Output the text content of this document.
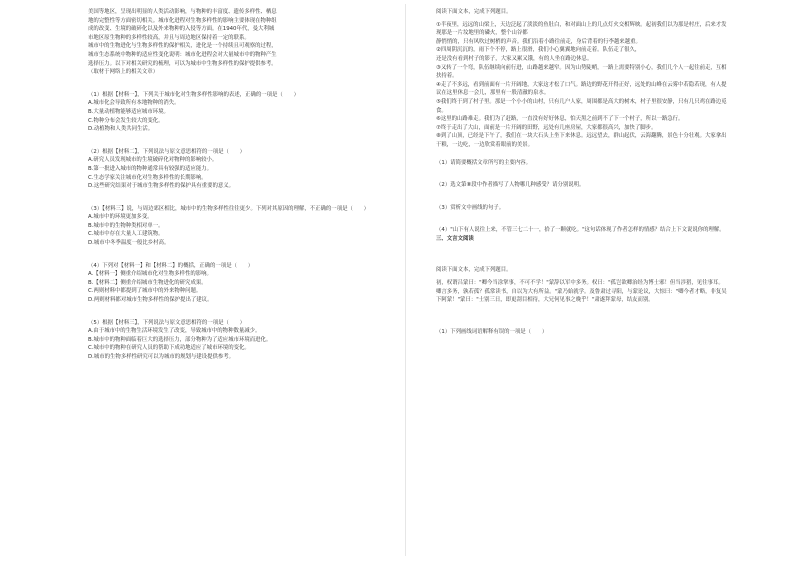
美国等地区，呈现出明显的人类活动影响，与物种的丰富度、遗传多样性、栖息

地的完整性等方面密切相关。城市化进程对生物多样性的影响主要体现在物种组

成的改变、生境的破碎化以及外来物种的入侵等方面。在1940年代，曼大利城

市地区原生物种的多样性较高，并且与周边地区保持着一定的联系。

城市中的生物进化与生物多样性的保护相关，进化是一个持续且可观察的过程，

城市生态系统中物种的适应性变化说明：城市化进程会对大量城市中的物种产生

选择压力。以下对相关研究的梳理，可以为城市中生物多样性的保护提供参考。

（取材于网络上的相关文章）

（1）根据【材料一】，下列关于城市化对生物多样性影响的表述，正确的一项是（　　）

A.城市化会导致所有本地物种的消失。

B.大量动植物能够适应城市环境。

C.物种分布会发生较大的变化。

D.动植物和人类共同生活。

（2）根据【材料二】，下列说法与原文意思相符的一项是（　　）

A.研究人员发现城市的生境破碎化对物种的影响较小。

B.第一批进入城市的物种通常具有较强的适应能力。

C.生态学家关注城市化对生物多样性的长期影响。

D.这些研究结果对于城市生物多样性的保护具有重要的意义。

（3）【材料三】说，与周边郊区相比，城市中的生物多样性往往更少。下列对其原因的理解，不正确的一项是（　　）

A.城市中的环境更加多变。

B.城市中的生物种类相对单一。

C.城市中存在大量人工建筑物。

D.城市中冬季温度一般比乡村高。

（4）下列对【材料一】和【材料二】的概括，正确的一项是（　　）

A.【材料一】侧重介绍城市化对生物多样性的影响。

B.【材料二】侧重介绍城市生物进化的研究成果。

C.两则材料中都提到了城市中的外来物种问题。

D.两则材料都对城市生物多样性的保护提出了建议。

（5）根据【材料三】，下列说法与原文意思相符的一项是（　　）

A.由于城市中的生物生活环境发生了改变，导致城市中的物种数量减少。

B.城市中的物种面临着巨大的选择压力，部分物种为了适应城市环境而进化。

C.城市中的物种在研究人员的帮助下成功地适应了城市环境的变化。

D.城市的生物多样性研究可以为城市的规划与建设提供参考。

阅读下面文本，完成下列题目。

①半夜里，远远的山梁上，天边泛起了淡淡的鱼肚白，和对面山上的几点灯火交相辉映。起初我们以为那是村庄，后来才发现那是一片坟地里的磷火，整个山谷都

静悄悄的，只有风吹过树梢的声音。我们沿着小路往前走，身后背着的行李越来越重。

②四周阴沉沉的，雨下个不停，路上很滑，我们小心翼翼地向前走着。队伍走了很久，

还是没有看到村子的影子，大家又累又饿，有的人坐在路边休息。

③又转了一个弯，队伍继续向前行进，山路越来越窄。因为山势陡峭，一路上需要特别小心，我们几个人一起往前走，互相扶持着。

④走了不多远，看到前面有一片开阔地，大家这才松了口气。路边的野花开得正好，远处的山峰在云雾中若隐若现，有人提议在这里休息一会儿，那里有一股清澈的泉水。

⑤我们终于到了村子里。那是一个小小的山村，只有几户人家，周围都是高大的树木，村子里很安静，只有几只鸡在路边觅食。

⑥这里的山路难走。我们为了赶路，一直没有好好休息，怕天黑之前到不了下一个村子，所以一路急行。

⑦终于走出了大山，面前是一片开阔的田野，远处有几座房屋，大家都很高兴，加快了脚步。

⑧到了山顶，已经是下午了，我们在一块大石头上坐下来休息。远远望去，群山起伏，云海翻腾，景色十分壮观。大家拿出干粮，一边吃，一边欣赏着眼前的美景。

（1）请简要概括文章所写的主要内容。

（2）选文第⑧段中作者描写了人物哪几种感受？请分别说明。

（3）赏析文中画线的句子。

（4）"山下有人说往上来，不管三七二十一，拾了一颗就吃。"这句话体现了作者怎样的情感？结合上下文说说你的理解。

三、文言文阅读

阅读下面文本，完成下列题目。

初，权谓吕蒙曰："卿今当涂掌事，不可不学！"蒙辞以军中多务。权曰："孤岂欲卿治经为博士邪！但当涉猎，见往事耳。卿言多务，孰若孤？孤常读书，自以为大有所益。"蒙乃始就学。及鲁肃过寻阳，与蒙论议，大惊曰："卿今者才略，非复吴下阿蒙！"蒙曰："士别三日，即更刮目相待，大兄何见事之晚乎！"肃遂拜蒙母，结友而别。

（1）下列画线词语解释有误的一项是（　　）
